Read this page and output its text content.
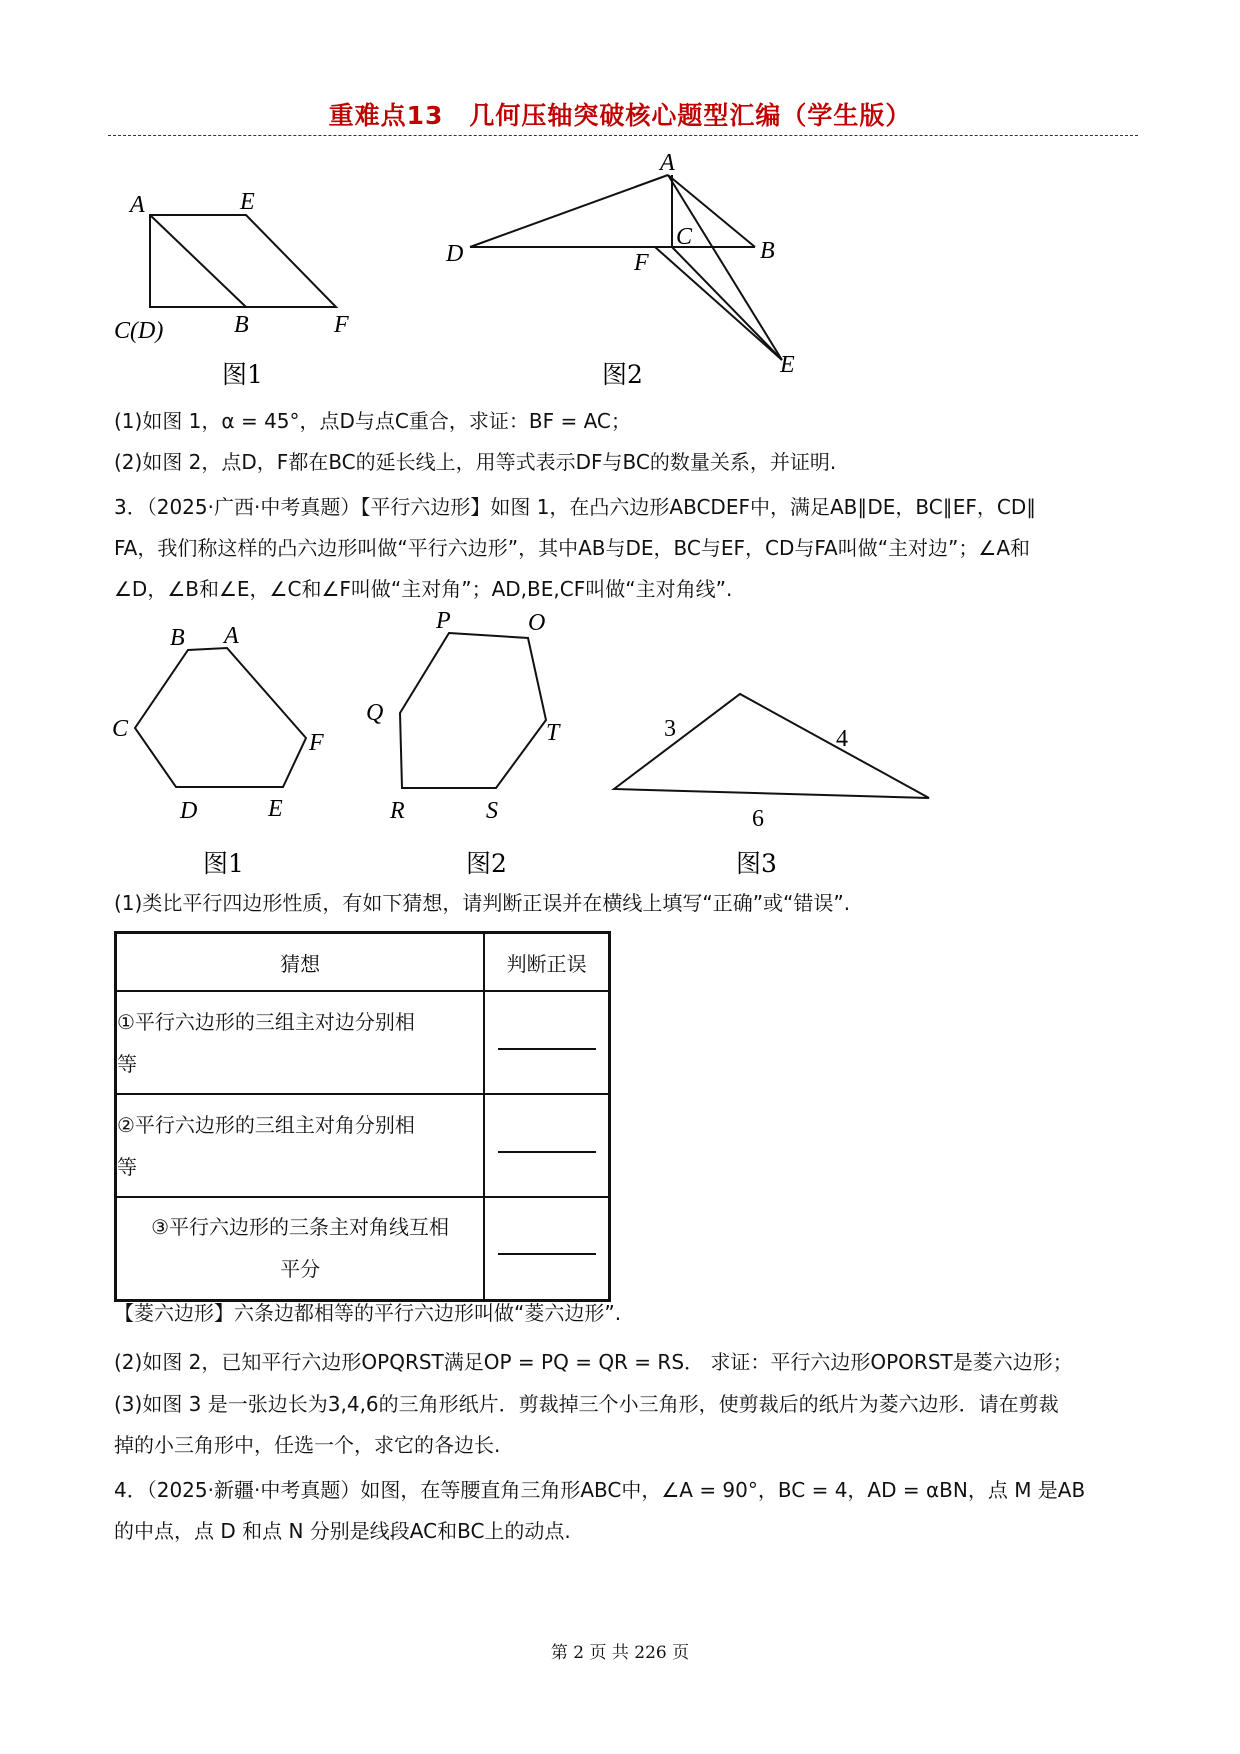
重难点13　几何压轴突破核心题型汇编（学生版）
A	E
C(D)	B	F
图1
A
D
C
B
F
E
图2
(1)如图 1，α = 45°，点D与点C重合，求证：BF = AC；
(2)如图 2，点D，F都在BC的延长线上，用等式表示DF与BC的数量关系，并证明.
3．（2025·广西·中考真题）【平行六边形】如图 1，在凸六边形ABCDEF中，满足AB∥DE，BC∥EF，CD∥
FA，我们称这样的凸六边形叫做“平行六边形”，其中AB与DE，BC与EF，CD与FA叫做“主对边”；∠A和
∠D，∠B和∠E，∠C和∠F叫做“主对角”；AD,BE,CF叫做“主对角线”.
B A
C
F
D	E
图1
P	O
Q
T
R	S
图2
3	4
6
图3
(1)类比平行四边形性质，有如下猜想，请判断正误并在横线上填写“正确”或“错误”.
猜想	判断正误

①平行六边形的三组主对边分别相
等	

②平行六边形的三组主对角分别相
等	

③平行六边形的三条主对角线互相
平分	

【菱六边形】六条边都相等的平行六边形叫做“菱六边形”.
(2)如图 2，已知平行六边形OPQRST满足OP = PQ = QR = RS． 求证：平行六边形OPORST是菱六边形；
(3)如图 3 是一张边长为3,4,6的三角形纸片．剪裁掉三个小三角形，使剪裁后的纸片为菱六边形．请在剪裁
掉的小三角形中，任选一个，求它的各边长.
4．（2025·新疆·中考真题）如图，在等腰直角三角形ABC中，∠A = 90°，BC = 4，AD = αBN，点 M 是AB
的中点，点 D 和点 N 分别是线段AC和BC上的动点.
第 2 页 共 226 页
